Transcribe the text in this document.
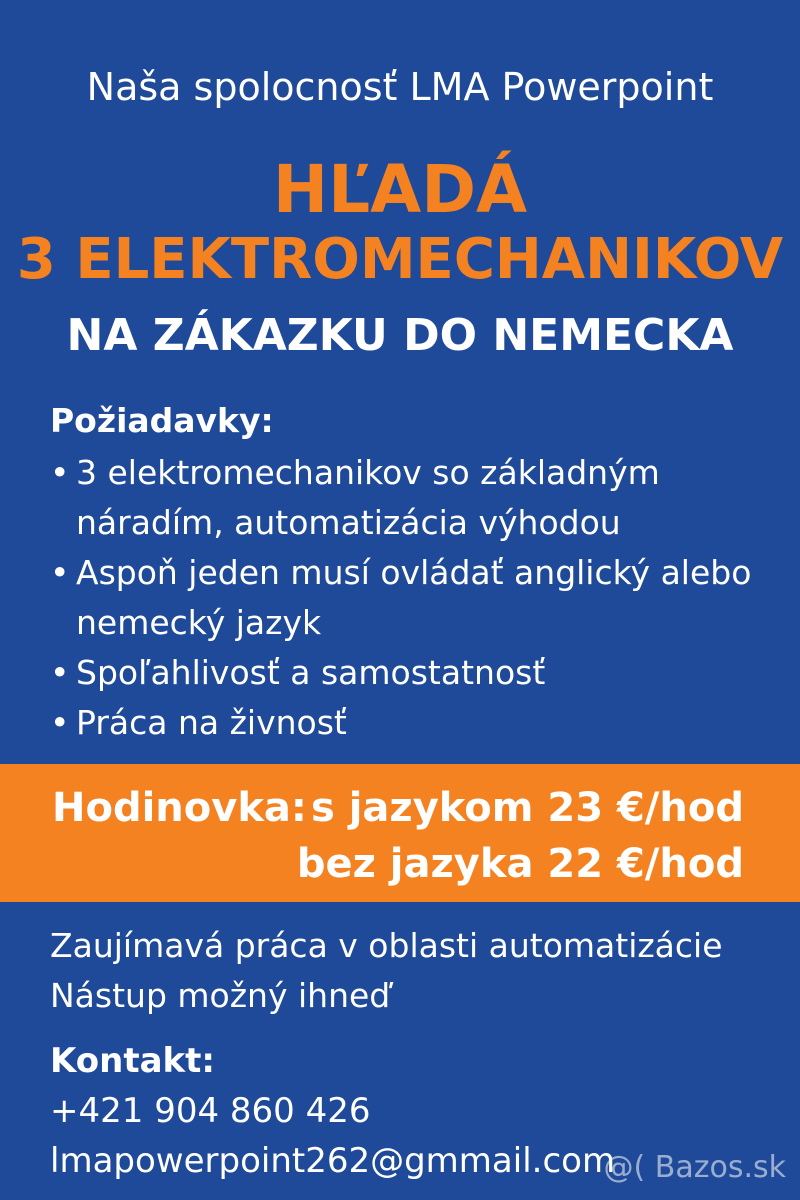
Naša spolocnosť LMA Powerpoint
HĽADÁ
3 ELEKTROMECHANIKOV
NA ZÁKAZKU DO NEMECKA
Požiadavky:
• 3 elektromechanikov so základným náradím, automatizácia výhodou
• Aspoň jeden musí ovládať anglický alebo nemecký jazyk
• Spoľahlivosť a samostatnosť
• Práca na živnosť
Hodinovka: s jazykom 23 €/hod
bez jazyka 22 €/hod
Zaujímavá práca v oblasti automatizácie
Nástup možný ihneď
Kontakt:
+421 904 860 426
lmapowerpoint262@gmmail.com
@( Bazos.sk
